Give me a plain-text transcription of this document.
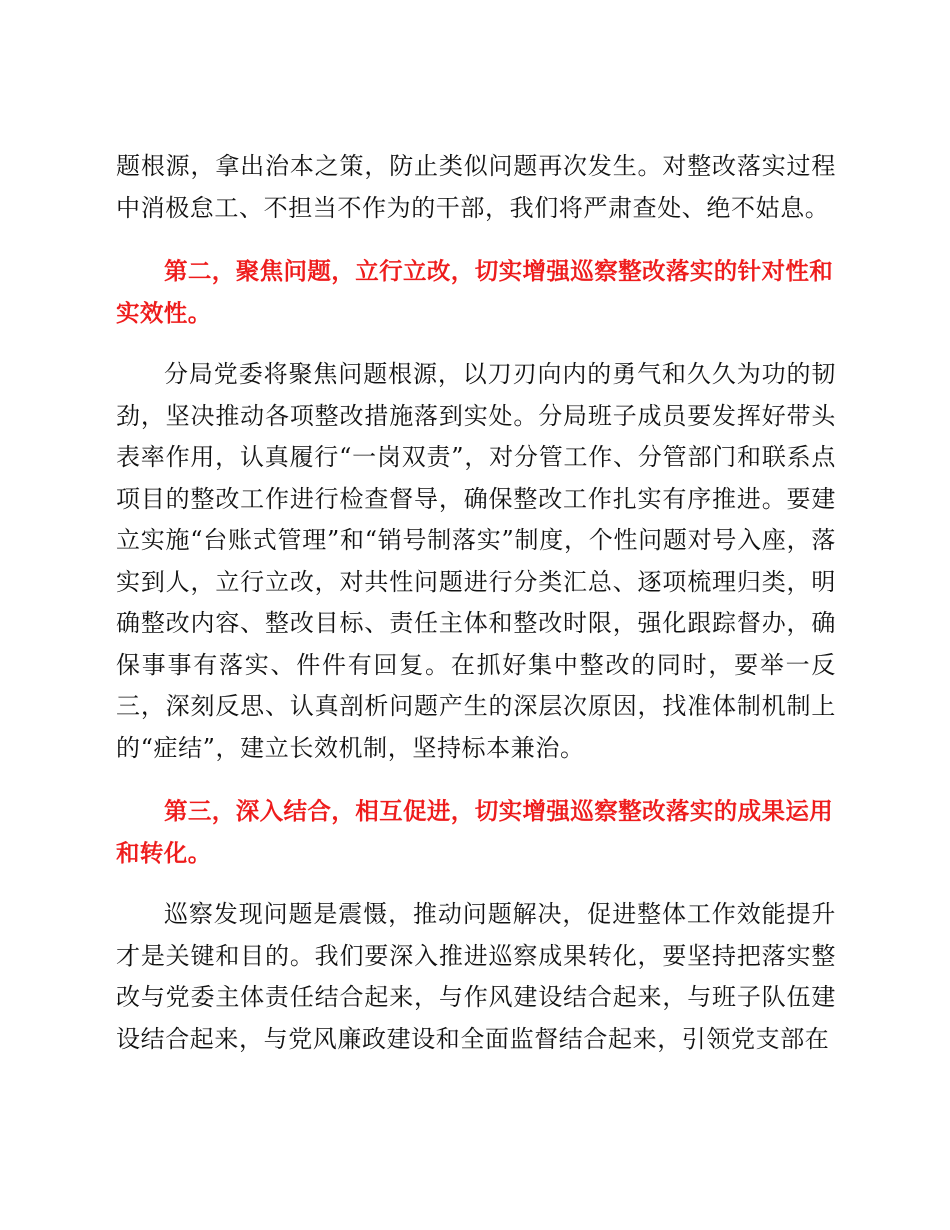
题根源，拿出治本之策，防止类似问题再次发生。对整改落实过程中消极怠工、不担当不作为的干部，我们将严肃查处、绝不姑息。

第二，聚焦问题，立行立改，切实增强巡察整改落实的针对性和实效性。

分局党委将聚焦问题根源，以刀刃向内的勇气和久久为功的韧劲，坚决推动各项整改措施落到实处。分局班子成员要发挥好带头表率作用，认真履行“一岗双责”，对分管工作、分管部门和联系点项目的整改工作进行检查督导，确保整改工作扎实有序推进。要建立实施“台账式管理”和“销号制落实”制度，个性问题对号入座，落实到人，立行立改，对共性问题进行分类汇总、逐项梳理归类，明确整改内容、整改目标、责任主体和整改时限，强化跟踪督办，确保事事有落实、件件有回复。在抓好集中整改的同时，要举一反三，深刻反思、认真剖析问题产生的深层次原因，找准体制机制上的“症结”，建立长效机制，坚持标本兼治。

第三，深入结合，相互促进，切实增强巡察整改落实的成果运用和转化。

巡察发现问题是震慑，推动问题解决，促进整体工作效能提升才是关键和目的。我们要深入推进巡察成果转化，要坚持把落实整改与党委主体责任结合起来，与作风建设结合起来，与班子队伍建设结合起来，与党风廉政建设和全面监督结合起来，引领党支部在
